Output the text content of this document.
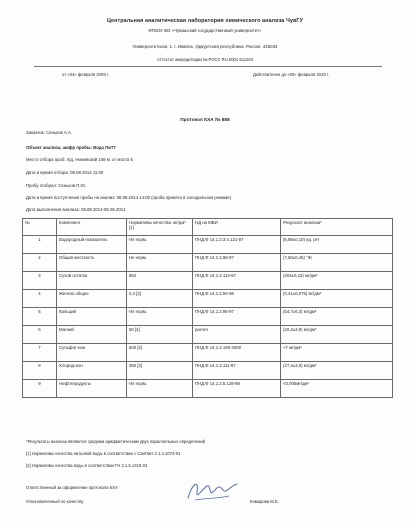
Центральная аналитическая лаборатория химического анализа ЧувГУ
ФГБОУ ВО «Чувашский государственный университет»
Университетская, 1, г. Ижевск, Удмуртская республика, Россия, 426034
Аттестат аккредитации № РОСС RU.0001.511284
от «04» февраля 2009 г.	Действителен до «09» февраля 2019 г.
Протокол КХА № 888
Заказчик: Сеньков А.А.
Объект анализа, шифр пробы: Вода ПиТ7
Место отбора проб: пгд. Нижевский 108 м. от моста 5
Дата и время отбора: 08.08.2014 11:00
Пробу отобрал: Сеньков П.Ю.
Дата и время поступления пробы на анализ: 08.08.2014 14:00 (проба принята в холодильном режиме)
Дата выполнения анализа: 08.08.2014-05.09.2014
№	Компонент	Нормативы качества, мг/дм³ [1]	НД на МВИ	Результат анализа*
1	Водородный показатель	Не норм.	ПНД Ф 14.1:2:3:4.121-97	(6,98±0,10) ед. рН
2	Общая жесткость	Не норм.	ПНД Ф 14.1:2.98-97	(7,60±0,46) °Ж
3	Сухой остаток	852	ПНД Ф 14.1:2.114-97	(404±0,23) мг/дм³
4	Железо общее	0,4 [2]	ПНД Ф 14.1:2.50-96	(0,41±0,075) мг/дм³
5	Кальций	Не норм.	ПНД Ф 14.1:2.98-97	(54,7±6,3) мг/дм³
6	Магний	50 [2]	расчет	(20,4±3,9) мг/дм³
7	Сульфат-ион	500 [2]	ПНД Ф 14.1:2.159-2000	<7 мг/дм³
8	Хлорид-ион	350 [2]	ПНД Ф 14.1:2.111-97	(27,4±3,9) мг/дм³
9	Нефтепродукты	Не норм.	ПНД Ф 14.1:2.5.128-98	<0,005мг/дм³
*Результаты анализа являются средним арифметическим двух параллельных определений
[1] Нормативы качества питьевой воды в соответствии с СанПиН 2.1.4.1074-01
[2] Нормативы качества воды в соответствии ГН 2.1.5.1315-03
Ответственный за оформление протокола КХА
Уполномоченный по качеству	Комарова М.Е.
